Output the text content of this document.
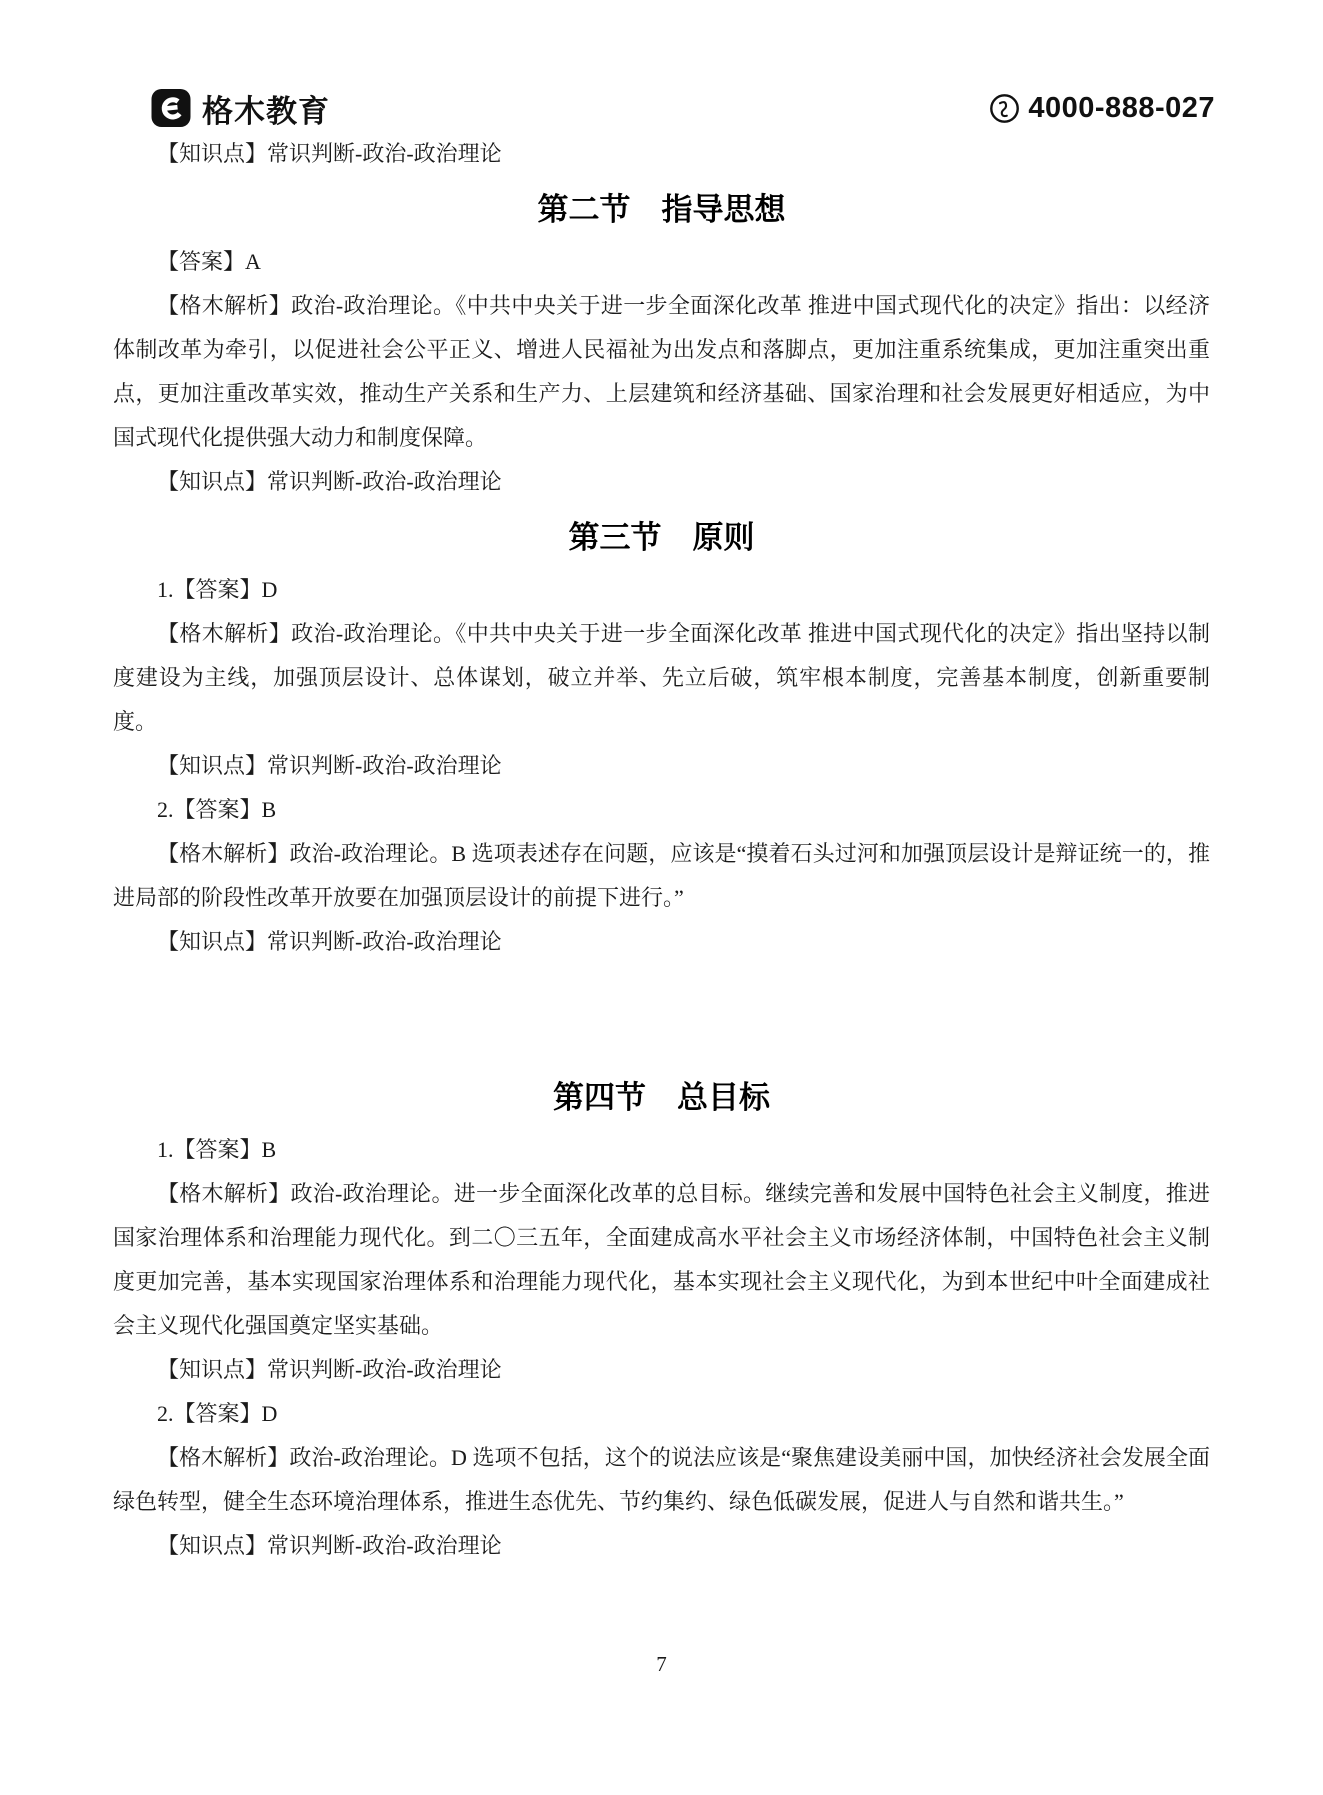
格木教育	4000-888-027

【知识点】常识判断-政治-政治理论

第二节　指导思想

【答案】A

【格木解析】政治-政治理论。《中共中央关于进一步全面深化改革 推进中国式现代化的决定》指出：以经济体制改革为牵引，以促进社会公平正义、增进人民福祉为出发点和落脚点，更加注重系统集成，更加注重突出重点，更加注重改革实效，推动生产关系和生产力、上层建筑和经济基础、国家治理和社会发展更好相适应，为中国式现代化提供强大动力和制度保障。

【知识点】常识判断-政治-政治理论

第三节　原则

1.【答案】D

【格木解析】政治-政治理论。《中共中央关于进一步全面深化改革 推进中国式现代化的决定》指出坚持以制度建设为主线，加强顶层设计、总体谋划，破立并举、先立后破，筑牢根本制度，完善基本制度，创新重要制度。

【知识点】常识判断-政治-政治理论

2.【答案】B

【格木解析】政治-政治理论。B 选项表述存在问题，应该是“摸着石头过河和加强顶层设计是辩证统一的，推进局部的阶段性改革开放要在加强顶层设计的前提下进行。”

【知识点】常识判断-政治-政治理论

第四节　总目标

1.【答案】B

【格木解析】政治-政治理论。进一步全面深化改革的总目标。继续完善和发展中国特色社会主义制度，推进国家治理体系和治理能力现代化。到二〇三五年，全面建成高水平社会主义市场经济体制，中国特色社会主义制度更加完善，基本实现国家治理体系和治理能力现代化，基本实现社会主义现代化，为到本世纪中叶全面建成社会主义现代化强国奠定坚实基础。

【知识点】常识判断-政治-政治理论

2.【答案】D

【格木解析】政治-政治理论。D 选项不包括，这个的说法应该是“聚焦建设美丽中国，加快经济社会发展全面绿色转型，健全生态环境治理体系，推进生态优先、节约集约、绿色低碳发展，促进人与自然和谐共生。”

【知识点】常识判断-政治-政治理论

7
